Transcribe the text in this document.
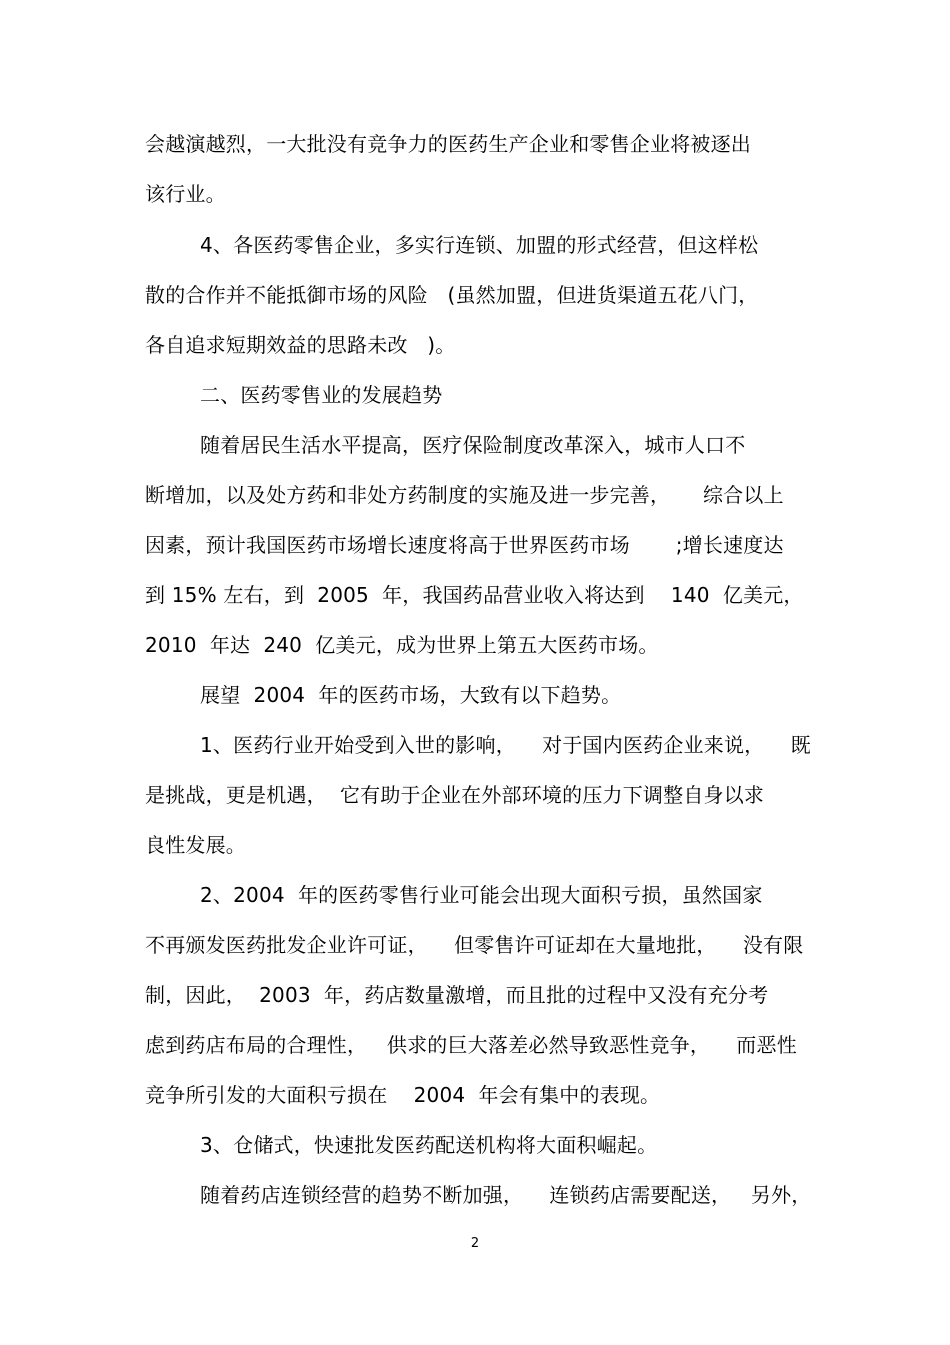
会越演越烈，一大批没有竞争力的医药生产企业和零售企业将被逐出
该行业。
4、各医药零售企业，多实行连锁、加盟的形式经营，但这样松
散的合作并不能抵御市场的风险   (虽然加盟，但进货渠道五花八门，
各自追求短期效益的思路未改   )。
二、医药零售业的发展趋势
随着居民生活水平提高，医疗保险制度改革深入，城市人口不
断增加，以及处方药和非处方药制度的实施及进一步完善，     综合以上
因素，预计我国医药市场增长速度将高于世界医药市场       ;增长速度达
到 15% 左右，到  2005  年，我国药品营业收入将达到    140  亿美元，
2010  年达  240  亿美元，成为世界上第五大医药市场。
展望  2004  年的医药市场，大致有以下趋势。
1、医药行业开始受到入世的影响，    对于国内医药企业来说，    既
是挑战，更是机遇，  它有助于企业在外部环境的压力下调整自身以求
良性发展。
2、2004  年的医药零售行业可能会出现大面积亏损，虽然国家
不再颁发医药批发企业许可证，    但零售许可证却在大量地批，    没有限
制，因此，  2003  年，药店数量激增，而且批的过程中又没有充分考
虑到药店布局的合理性，   供求的巨大落差必然导致恶性竞争，    而恶性
竞争所引发的大面积亏损在    2004  年会有集中的表现。
3、仓储式，快速批发医药配送机构将大面积崛起。
随着药店连锁经营的趋势不断加强，    连锁药店需要配送，   另外，
2
